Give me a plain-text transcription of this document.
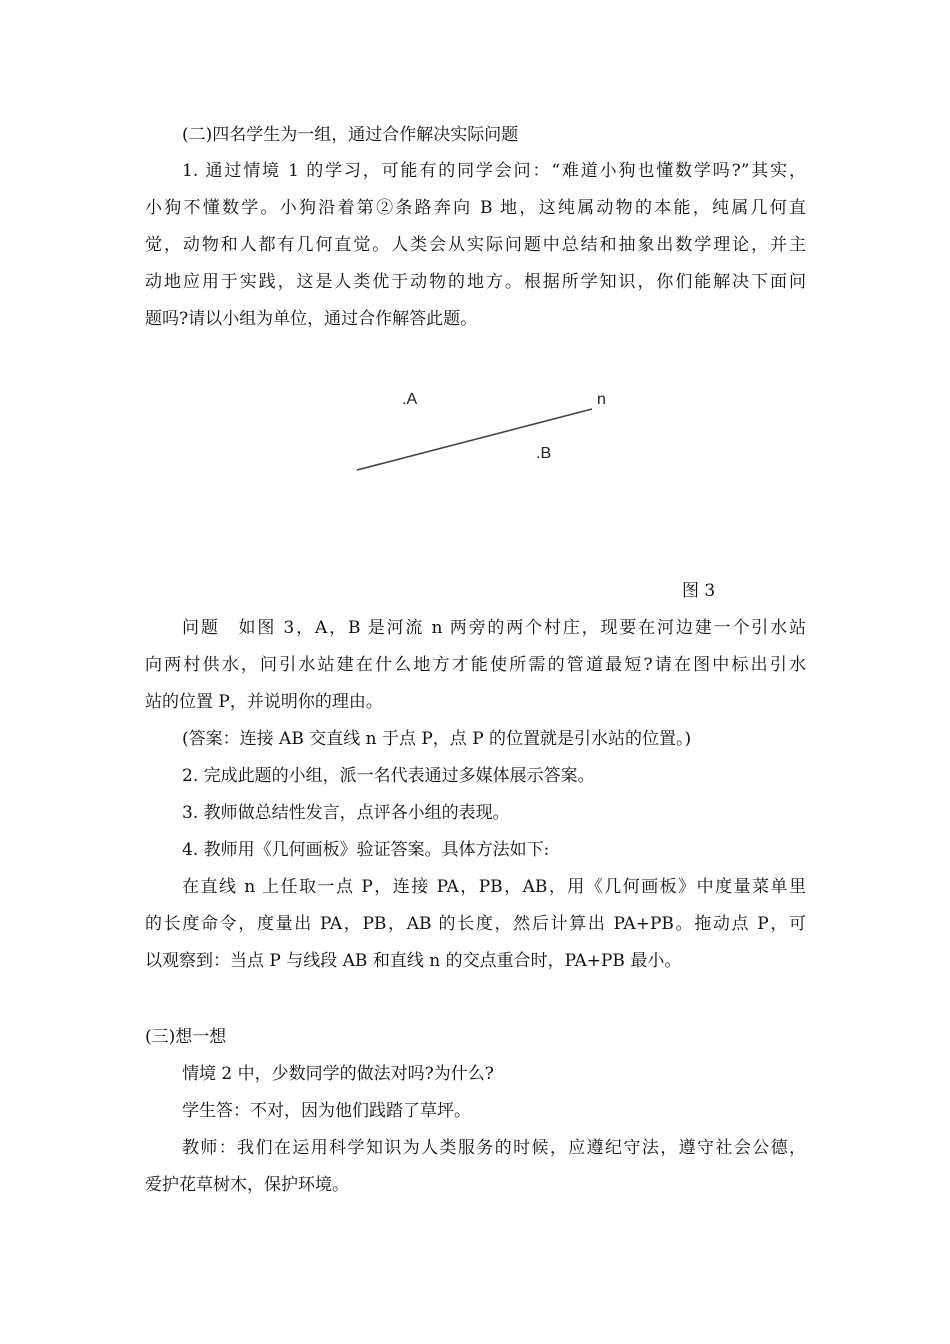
(二)四名学生为一组，通过合作解决实际问题
1. 通过情境 1 的学习，可能有的同学会问：“难道小狗也懂数学吗?”其实，
小狗不懂数学。小狗沿着第②条路奔向 B 地，这纯属动物的本能，纯属几何直
觉，动物和人都有几何直觉。人类会从实际问题中总结和抽象出数学理论，并主
动地应用于实践，这是人类优于动物的地方。根据所学知识，你们能解决下面问
题吗?请以小组为单位，通过合作解答此题。
.A	n
.B
图 3
问题　如图 3，A，B 是河流 n 两旁的两个村庄，现要在河边建一个引水站
向两村供水，问引水站建在什么地方才能使所需的管道最短?请在图中标出引水
站的位置 P，并说明你的理由。
(答案：连接 AB 交直线 n 于点 P，点 P 的位置就是引水站的位置。)
2. 完成此题的小组，派一名代表通过多媒体展示答案。
3. 教师做总结性发言，点评各小组的表现。
4. 教师用《几何画板》验证答案。具体方法如下:
在直线 n 上任取一点 P，连接 PA，PB，AB，用《几何画板》中度量菜单里
的长度命令，度量出 PA，PB，AB 的长度，然后计算出 PA+PB。拖动点 P，可
以观察到：当点 P 与线段 AB 和直线 n 的交点重合时，PA+PB 最小。
(三)想一想
情境 2 中，少数同学的做法对吗?为什么?
学生答：不对，因为他们践踏了草坪。
教师：我们在运用科学知识为人类服务的时候，应遵纪守法，遵守社会公德，
爱护花草树木，保护环境。
